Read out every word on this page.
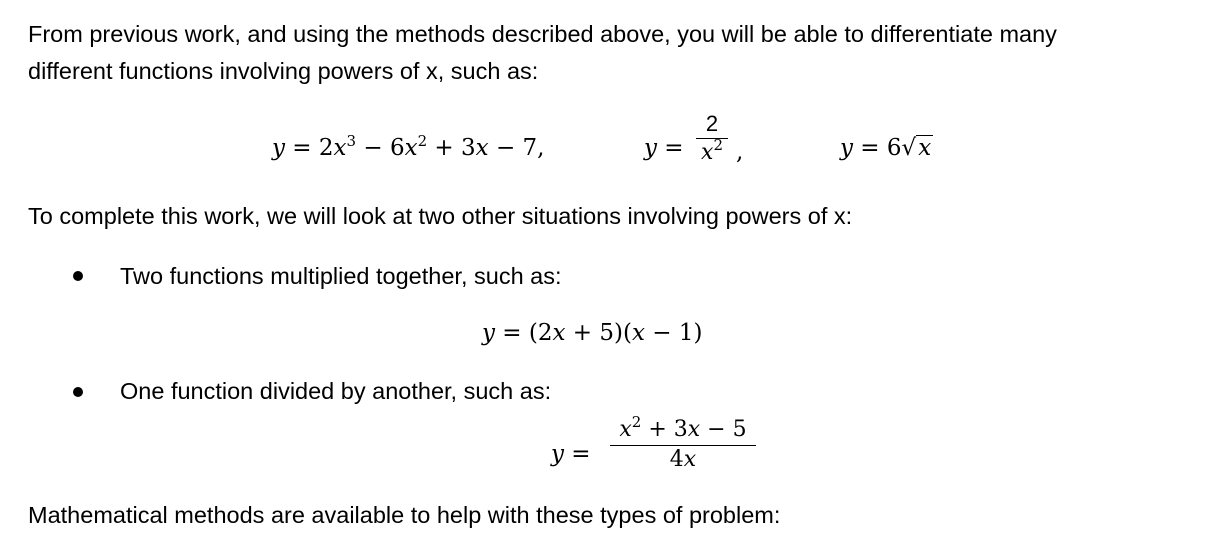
From previous work, and using the methods described above, you will be able to differentiate many
different functions involving powers of x, such as:
$y = 2x^3 - 6x^2 + 3x - 7$,	y =
2
$x^2$ ,	y = 6√x
To complete this work, we will look at two other situations involving powers of x:
Two functions multiplied together, such as:
y = (2x + 5)(x − 1)
One function divided by another, such as:
y =
$x^2 + 3x - 5$
4x
Mathematical methods are available to help with these types of problem:
